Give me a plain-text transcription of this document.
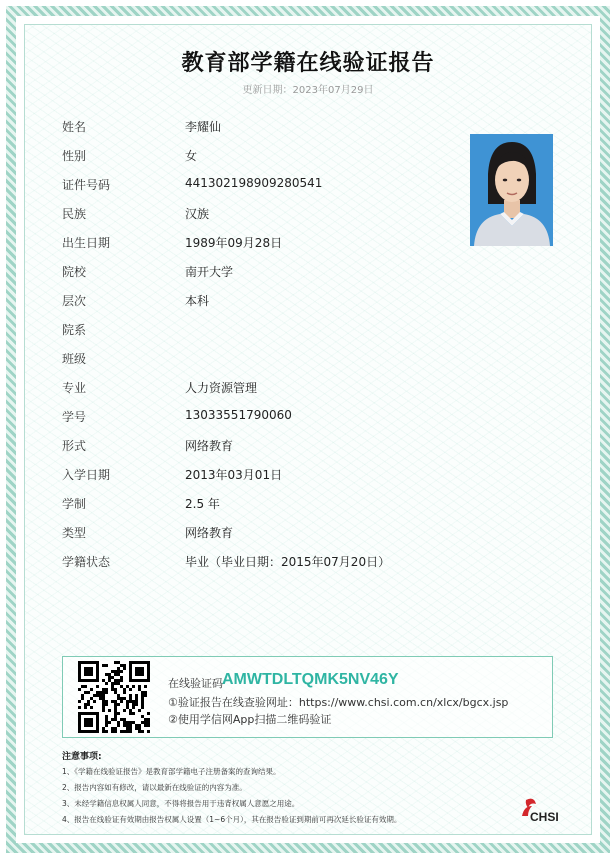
教育部学籍在线验证报告
更新日期：2023年07月29日
姓名	李耀仙
性别	女
证件号码	441302198909280541
民族	汉族
出生日期	1989年09月28日
院校	南开大学
层次	本科
院系
班级
专业	人力资源管理
学号	13033551790060
形式	网络教育
入学日期	2013年03月01日
学制	2.5 年
类型	网络教育
学籍状态	毕业（毕业日期：2015年07月20日）
在线验证码 AMWTDLTQMK5NV46Y
①验证报告在线查验网址：https://www.chsi.com.cn/xlcx/bgcx.jsp
②使用学信网App扫描二维码验证
注意事项:
1、《学籍在线验证报告》是教育部学籍电子注册备案的查询结果。
2、报告内容如有修改，请以最新在线验证的内容为准。
3、未经学籍信息权属人同意，不得将报告用于违背权属人意愿之用途。
4、报告在线验证有效期由报告权属人设置（1~6个月），其在报告验证到期前可再次延长验证有效期。	CHSI
